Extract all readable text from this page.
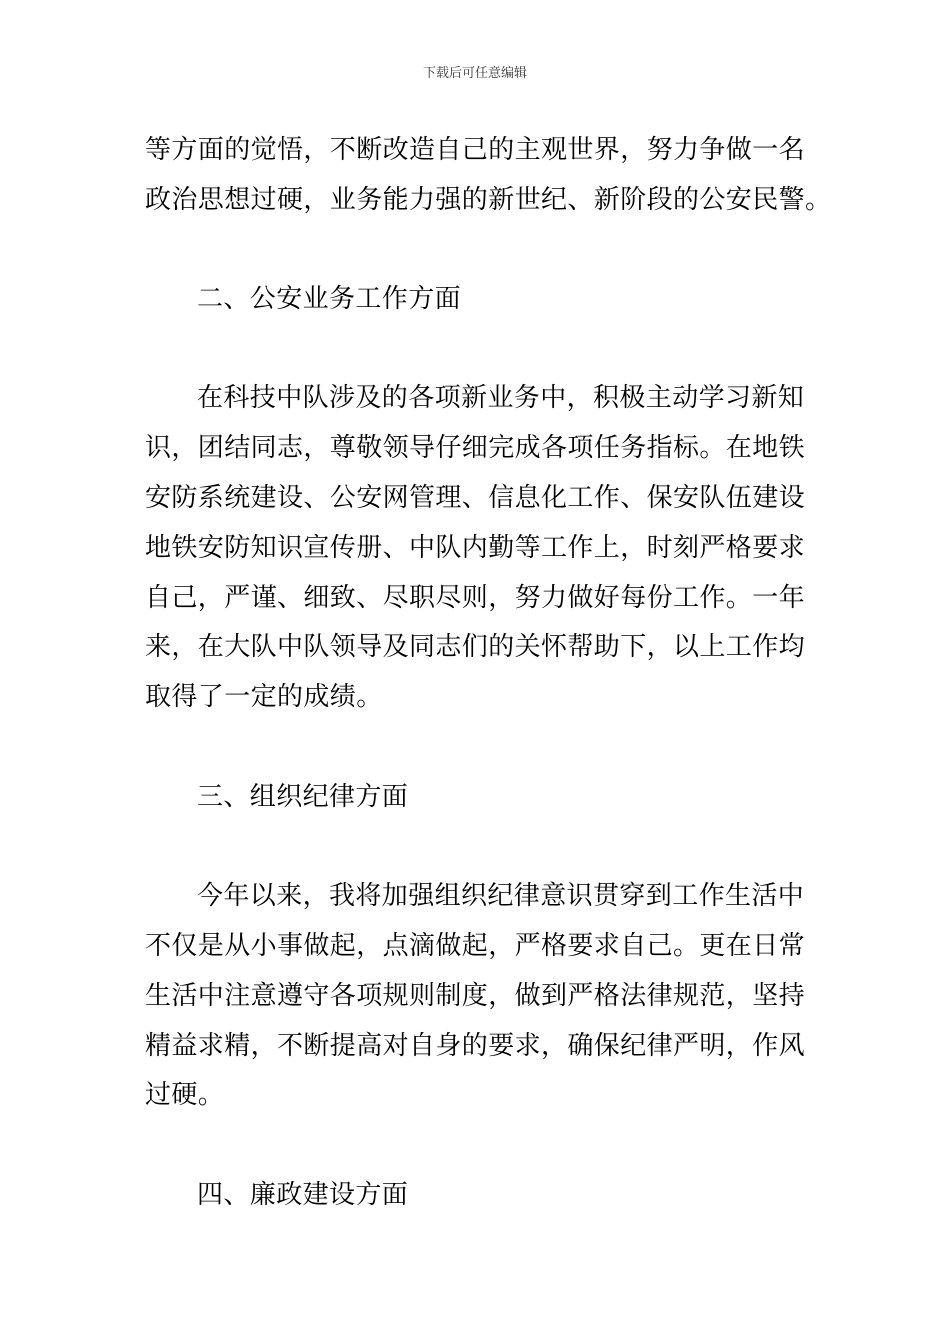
下载后可任意编辑
等方面的觉悟，不断改造自己的主观世界，努力争做一名
政治思想过硬，业务能力强的新世纪、新阶段的公安民警。
二、公安业务工作方面
在科技中队涉及的各项新业务中，积极主动学习新知
识，团结同志，尊敬领导仔细完成各项任务指标。在地铁
安防系统建设、公安网管理、信息化工作、保安队伍建设
地铁安防知识宣传册、中队内勤等工作上，时刻严格要求
自己，严谨、细致、尽职尽则，努力做好每份工作。一年
来，在大队中队领导及同志们的关怀帮助下，以上工作均
取得了一定的成绩。
三、组织纪律方面
今年以来，我将加强组织纪律意识贯穿到工作生活中
不仅是从小事做起，点滴做起，严格要求自己。更在日常
生活中注意遵守各项规则制度，做到严格法律规范，坚持
精益求精，不断提高对自身的要求，确保纪律严明，作风
过硬。
四、廉政建设方面
